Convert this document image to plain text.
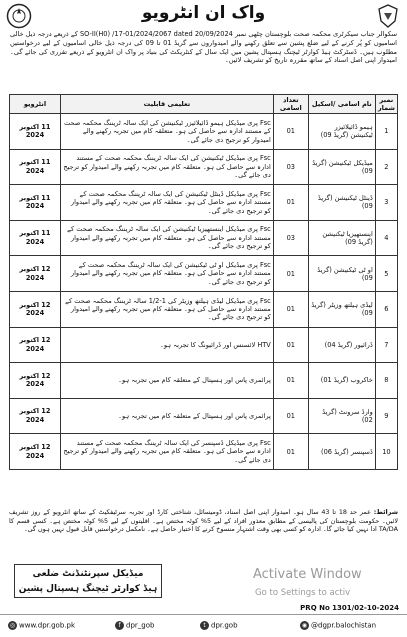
واک ان انٹرویو
سکوالر جناب سیکرٹری محکمہ صحت بلوچستان چٹھی نمبر SO-II(H0) /17-01/2024/2067 dated 20/09/2024 کے ذریعے درجہ ذیل خالی اسامیوں کو پُر کرنے کے لیے ضلع پشین سے تعلق رکھنے والے امیدواروں سے گریڈ 01 تا 09 کی درجہ ذیل خالی اسامیوں کے لیے درخواستیں مطلوب ہیں۔ ڈسٹرکٹ ہیڈ کوارٹر ٹیچنگ ہسپتال پشین میں ایک سال کے کنٹریکٹ کی بنیاد پر واک ان انٹرویو کے ذریعے تقرری کی جائے گی۔ امیدوار اپنی اصل اسناد کے ساتھ مقررہ تاریخ کو تشریف لائیں۔
نمبر شمار	نام اسامی /اسکیل	تعداد اسامی	تعلیمی قابلیت	انٹرویو
1	ہیمو ڈائیلائیزر ٹیکنیشن (گریڈ 09)	01	Fsc پری میڈیکل ہیمو ڈائیلائیزر ٹیکنیشن کی ایک سالہ ٹریننگ محکمہ صحت کے مستند ادارہ سے حاصل کی ہو۔ متعلقہ کام میں تجربہ رکھنے والے امیدوار کو ترجیح دی جائے گی۔	11 اکتوبر 2024
2	میڈیکل ٹیکنیشن (گریڈ 09)	03	Fsc پری میڈیکل ٹیکنیشن کی ایک سالہ ٹریننگ محکمہ صحت کے مستند ادارہ سے حاصل کی ہو۔ متعلقہ کام میں تجربہ رکھنے والے امیدوار کو ترجیح دی جائے گی۔	11 اکتوبر 2024
3	ڈینٹل ٹیکنیشن (گریڈ 09)	01	Fsc پری میڈیکل ڈینٹل ٹیکنیشن کی ایک سالہ ٹریننگ محکمہ صحت کے مستند ادارہ سے حاصل کی ہو۔ متعلقہ کام میں تجربہ رکھنے والے امیدوار کو ترجیح دی جائے گی۔	11 اکتوبر 2024
4	اینستھیزیا ٹیکنیشن (گریڈ 09)	03	Fsc پری میڈیکل اینستھیزیا ٹیکنیشن کی ایک سالہ ٹریننگ محکمہ صحت کے مستند ادارہ سے حاصل کی ہو۔ متعلقہ کام میں تجربہ رکھنے والے امیدوار کو ترجیح دی جائے گی۔	11 اکتوبر 2024
5	او ٹی ٹیکنیشن (گریڈ 09)	01	Fsc پری میڈیکل او ٹی ٹیکنیشن کی ایک سالہ ٹریننگ محکمہ صحت کے مستند ادارہ سے حاصل کی ہو۔ متعلقہ کام میں تجربہ رکھنے والے امیدوار کو ترجیح دی جائے گی۔	12 اکتوبر 2024
6	لیڈی ہیلتھ وزیٹر (گریڈ 09)	01	Fsc پری میڈیکل لیڈی ہیلتھ وزیٹر کی 1-1/2 سالہ ٹریننگ محکمہ صحت کے مستند ادارہ سے حاصل کی ہو۔ متعلقہ کام میں تجربہ رکھنے والے امیدوار کو ترجیح دی جائے گی۔	12 اکتوبر 2024
7	ڈرائیور (گریڈ 04)	01	HTV لائسنس اور ڈرائیونگ کا تجربہ ہو۔	12 اکتوبر 2024
8	خاکروب (گریڈ 01)	01	پرائمری پاس اور ہسپتال کے متعلقہ کام میں تجربہ ہو۔	12 اکتوبر 2024
9	وارڈ سرونٹ (گریڈ 02)	01	پرائمری پاس اور ہسپتال کے متعلقہ کام میں تجربہ ہو۔	12 اکتوبر 2024
10	ڈسپنسر (گریڈ 06)	01	Fsc پری میڈیکل ڈسپنسر کی ایک سالہ ٹریننگ محکمہ صحت کے مستند ادارہ سے حاصل کی ہو۔ متعلقہ کام میں تجربہ رکھنے والے امیدوار کو ترجیح دی جائے گی۔	12 اکتوبر 2024
شرائط: عمر حد 18 تا 43 سال ہو۔ امیدوار اپنی اصل اسناد، ڈومیسائل، شناختی کارڈ اور تجربہ سرٹیفکیٹ کے ساتھ انٹرویو کے روز تشریف لائیں۔ حکومت بلوچستان کی پالیسی کے مطابق معذور افراد کے لیے 5% کوٹہ مختص ہے۔ اقلیتوں کے لیے 5% کوٹہ مختص ہے۔ کسی قسم کا TA/DA ادا نہیں کیا جائے گا۔ ادارہ کو کسی بھی وقت اشتہار منسوخ کرنے کا اختیار حاصل ہے۔ نامکمل درخواستیں قابل قبول نہیں ہوں گی۔
میڈیکل سپرنٹنڈنٹ ضلعی
ہیڈ کوارٹر ٹیچنگ ہسپتال پشین
Activate Window
Go to Settings to activ
PRQ No 1301/02-10-2024
◎ www.dpr.gob.pk	f dpr_gob	t dpr.gob	◉ @dgpr.balochistan
